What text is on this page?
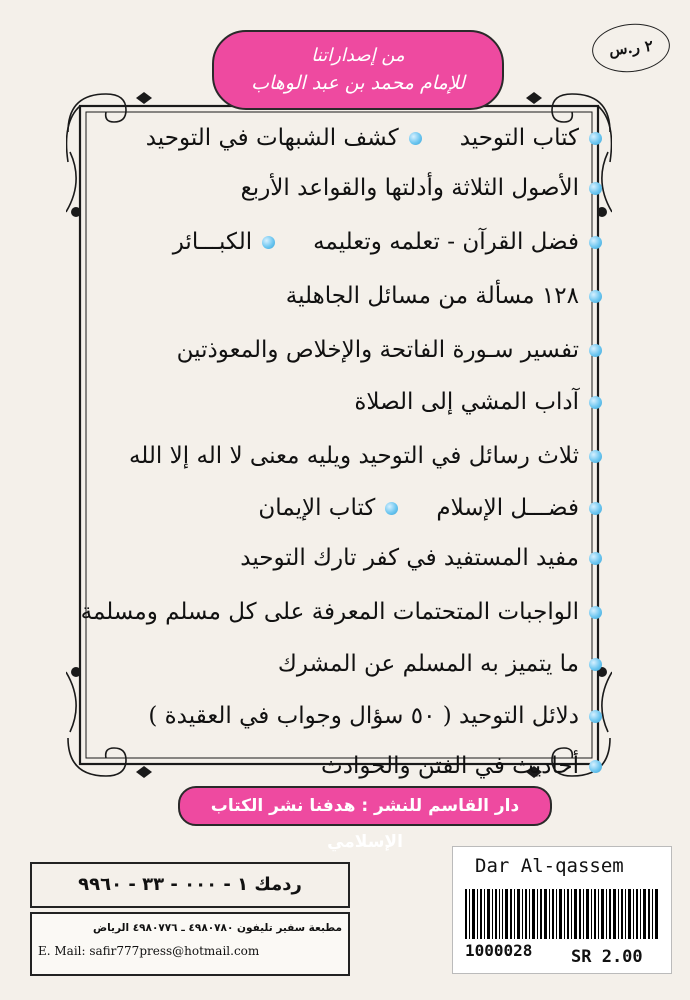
٢ ر.س
من إصداراتنا
للإمام محمد بن عبد الوهاب
كتاب التوحيد
كشف الشبهات في التوحيد
الأصول الثلاثة وأدلتها والقواعد الأربع
فضل القرآن - تعلمه وتعليمه
الكبـــائر
١٢٨ مسألة من مسائل الجاهلية
تفسير سـورة الفاتحة والإخلاص والمعوذتين
آداب المشي إلى الصلاة
ثلاث رسائل في التوحيد ويليه معنى لا اله إلا الله
فضـــل الإسلام
كتاب الإيمان
مفيد المستفيد في كفر تارك التوحيد
الواجبات المتحتمات المعرفة على كل مسلم ومسلمة
ما يتميز به المسلم عن المشرك
دلائل التوحيد ( ٥٠ سؤال وجواب في العقيدة )
أحاديث في الفتن والحوادث
دار القاسم للنشر : هدفنا نشر الكتاب الإسلامي
ردمك ١ - ٠٠٠ - ٣٣ - ٩٩٦٠
مطبعة سفير تليفون ٤٩٨٠٧٨٠ ـ ٤٩٨٠٧٧٦ الرياض
E. Mail: safir777press@hotmail.com
Dar Al-qassem
1000028 SR 2.00
